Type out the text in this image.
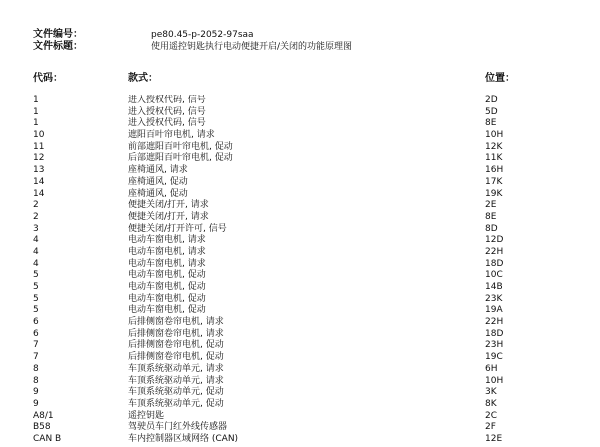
文件编号：	pe80.45-p-2052-97saa
文件标题：	使用遥控钥匙执行电动便捷开启/关闭的功能原理图
代码：	款式：	位置：
1	进入授权代码, 信号	2D
1	进入授权代码, 信号	5D
1	进入授权代码, 信号	8E
10	遮阳百叶帘电机, 请求	10H
11	前部遮阳百叶帘电机, 促动	12K
12	后部遮阳百叶帘电机, 促动	11K
13	座椅通风, 请求	16H
14	座椅通风, 促动	17K
14	座椅通风, 促动	19K
2	便捷关闭/打开, 请求	2E
2	便捷关闭/打开, 请求	8E
3	便捷关闭/打开许可, 信号	8D
4	电动车窗电机, 请求	12D
4	电动车窗电机, 请求	22H
4	电动车窗电机, 请求	18D
5	电动车窗电机, 促动	10C
5	电动车窗电机, 促动	14B
5	电动车窗电机, 促动	23K
5	电动车窗电机, 促动	19A
6	后排侧窗卷帘电机, 请求	22H
6	后排侧窗卷帘电机, 请求	18D
7	后排侧窗卷帘电机, 促动	23H
7	后排侧窗卷帘电机, 促动	19C
8	车顶系统驱动单元, 请求	6H
8	车顶系统驱动单元, 请求	10H
9	车顶系统驱动单元, 促动	3K
9	车顶系统驱动单元, 促动	8K
A8/1	遥控钥匙	2C
B58	驾驶员车门红外线传感器	2F
CAN B	车内控制器区域网络 (CAN)	12E
